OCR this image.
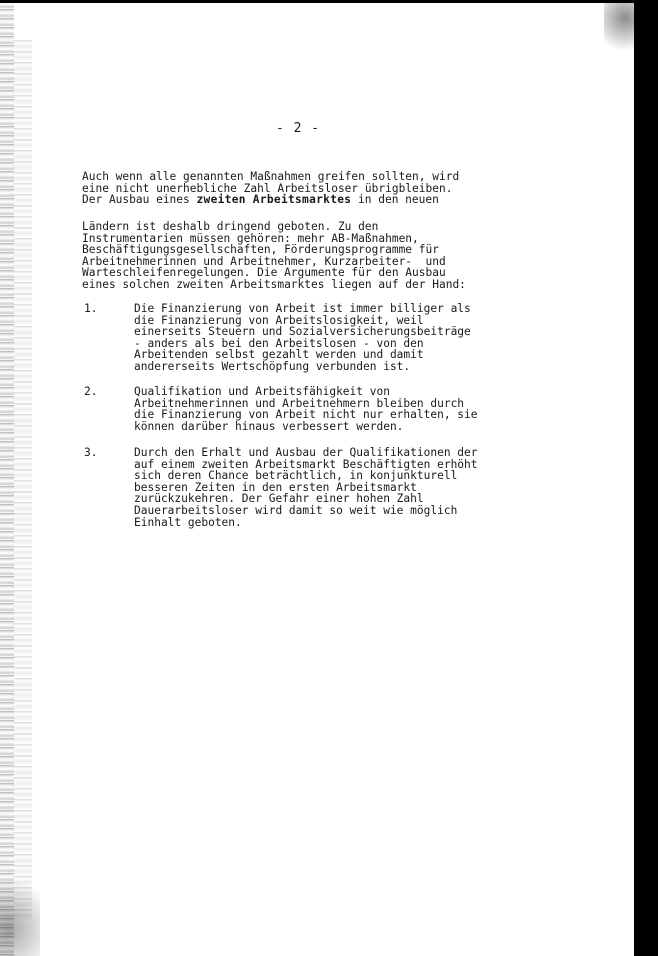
- 2 -
Auch wenn alle genannten Maßnahmen greifen sollten, wird
eine nicht unerhebliche Zahl Arbeitsloser übrigbleiben.
Der Ausbau eines zweiten Arbeitsmarktes in den neuen
Ländern ist deshalb dringend geboten. Zu den
Instrumentarien müssen gehören: mehr AB-Maßnahmen,
Beschäftigungsgesellschaften, Förderungsprogramme für
Arbeitnehmerinnen und Arbeitnehmer, Kurzarbeiter-  und
Warteschleifenregelungen. Die Argumente für den Ausbau
eines solchen zweiten Arbeitsmarktes liegen auf der Hand:
1.	Die Finanzierung von Arbeit ist immer billiger als
die Finanzierung von Arbeitslosigkeit, weil
einerseits Steuern und Sozialversicherungsbeiträge
- anders als bei den Arbeitslosen - von den
Arbeitenden selbst gezahlt werden und damit
andererseits Wertschöpfung verbunden ist.
2.	Qualifikation und Arbeitsfähigkeit von
Arbeitnehmerinnen und Arbeitnehmern bleiben durch
die Finanzierung von Arbeit nicht nur erhalten, sie
können darüber hinaus verbessert werden.
3.	Durch den Erhalt und Ausbau der Qualifikationen der
auf einem zweiten Arbeitsmarkt Beschäftigten erhöht
sich deren Chance beträchtlich, in konjunkturell
besseren Zeiten in den ersten Arbeitsmarkt
zurückzukehren. Der Gefahr einer hohen Zahl
Dauerarbeitsloser wird damit so weit wie möglich
Einhalt geboten.
